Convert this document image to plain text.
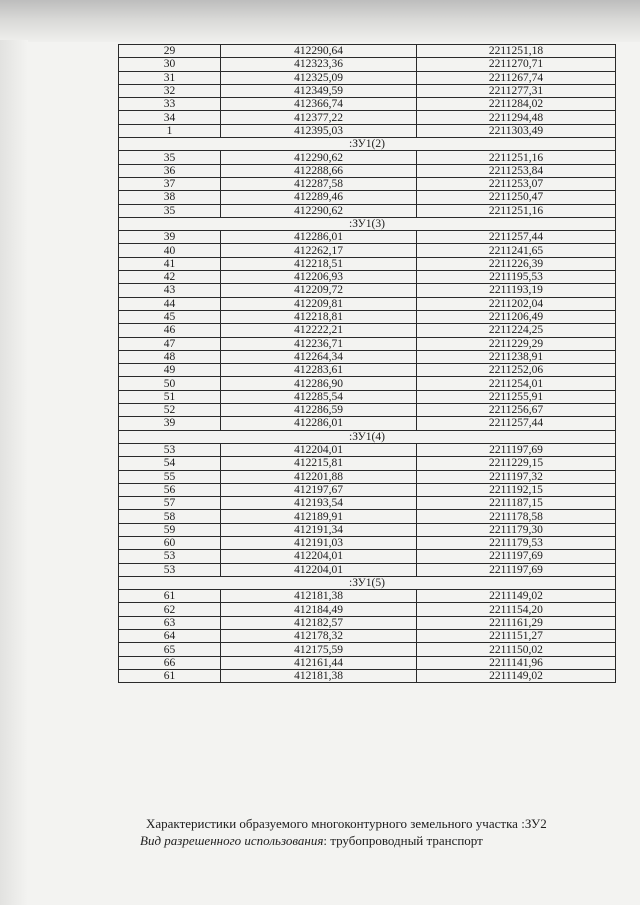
29	412290,64	2211251,18
30	412323,36	2211270,71
31	412325,09	2211267,74
32	412349,59	2211277,31
33	412366,74	2211284,02
34	412377,22	2211294,48
1	412395,03	2211303,49
:ЗУ1(2)		
35	412290,62	2211251,16
36	412288,66	2211253,84
37	412287,58	2211253,07
38	412289,46	2211250,47
35	412290,62	2211251,16
:ЗУ1(3)		
39	412286,01	2211257,44
40	412262,17	2211241,65
41	412218,51	2211226,39
42	412206,93	2211195,53
43	412209,72	2211193,19
44	412209,81	2211202,04
45	412218,81	2211206,49
46	412222,21	2211224,25
47	412236,71	2211229,29
48	412264,34	2211238,91
49	412283,61	2211252,06
50	412286,90	2211254,01
51	412285,54	2211255,91
52	412286,59	2211256,67
39	412286,01	2211257,44
:ЗУ1(4)		
53	412204,01	2211197,69
54	412215,81	2211229,15
55	412201,88	2211197,32
56	412197,67	2211192,15
57	412193,54	2211187,15
58	412189,91	2211178,58
59	412191,34	2211179,30
60	412191,03	2211179,53
53	412204,01	2211197,69
53	412204,01	2211197,69
:ЗУ1(5)		
61	412181,38	2211149,02
62	412184,49	2211154,20
63	412182,57	2211161,29
64	412178,32	2211151,27
65	412175,59	2211150,02
66	412161,44	2211141,96
61	412181,38	2211149,02
Характеристики образуемого многоконтурного земельного участка :ЗУ2
Вид разрешенного использования: трубопроводный транспорт
